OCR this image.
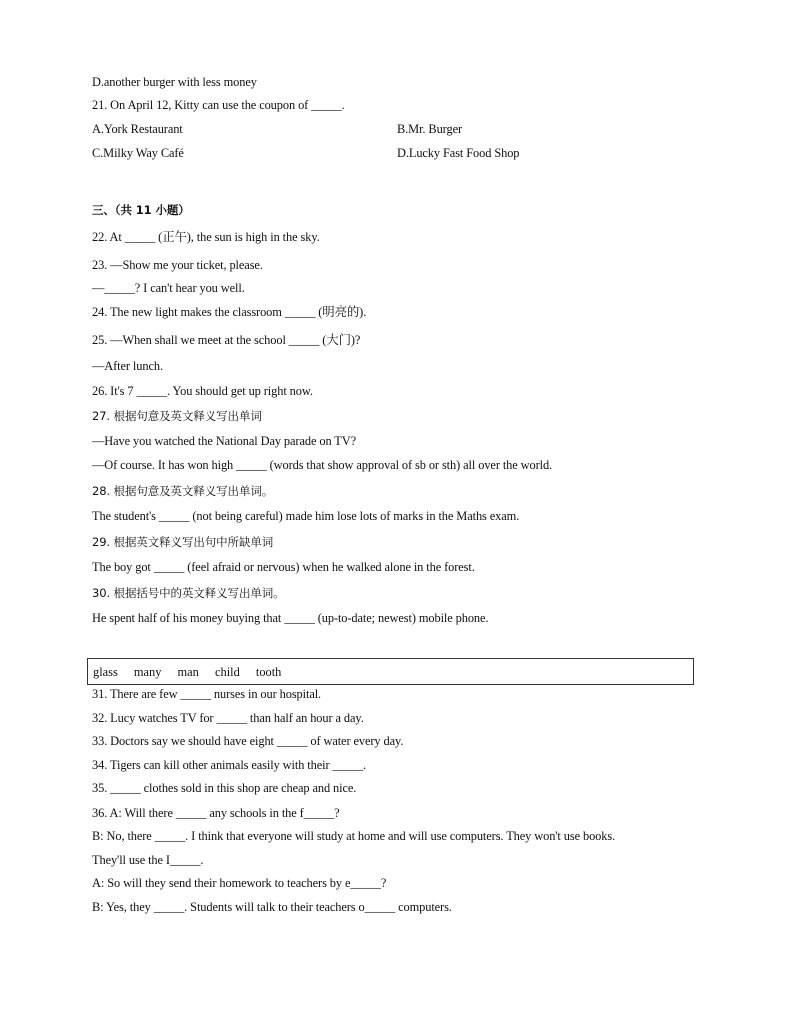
D.another burger with less money
21. On April 12, Kitty can use the coupon of _____.
A.York Restaurant	B.Mr. Burger
C.Milky Way Café	D.Lucky Fast Food Shop
三、（共 11 小题）
22. At _____ (正午), the sun is high in the sky.
23. —Show me your ticket, please.
—_____? I can't hear you well.
24. The new light makes the classroom _____ (明亮的).
25. —When shall we meet at the school _____ (大门)?
—After lunch.
26. It's 7 _____. You should get up right now.
27. 根据句意及英文释义写出单词
—Have you watched the National Day parade on TV?
—Of course. It has won high _____ (words that show approval of sb or sth) all over the world.
28. 根据句意及英文释义写出单词。
The student's _____ (not being careful) made him lose lots of marks in the Maths exam.
29. 根据英文释义写出句中所缺单词
The boy got _____ (feel afraid or nervous) when he walked alone in the forest.
30. 根据括号中的英文释义写出单词。
He spent half of his money buying that _____ (up-to-date; newest) mobile phone.
glass many man child tooth
31. There are few _____ nurses in our hospital.
32. Lucy watches TV for _____ than half an hour a day.
33. Doctors say we should have eight _____ of water every day.
34. Tigers can kill other animals easily with their _____.
35. _____ clothes sold in this shop are cheap and nice.
36. A: Will there _____ any schools in the f_____?
B: No, there _____. I think that everyone will study at home and will use computers. They won't use books.
They'll use the I_____.
A: So will they send their homework to teachers by e_____?
B: Yes, they _____. Students will talk to their teachers o_____ computers.
